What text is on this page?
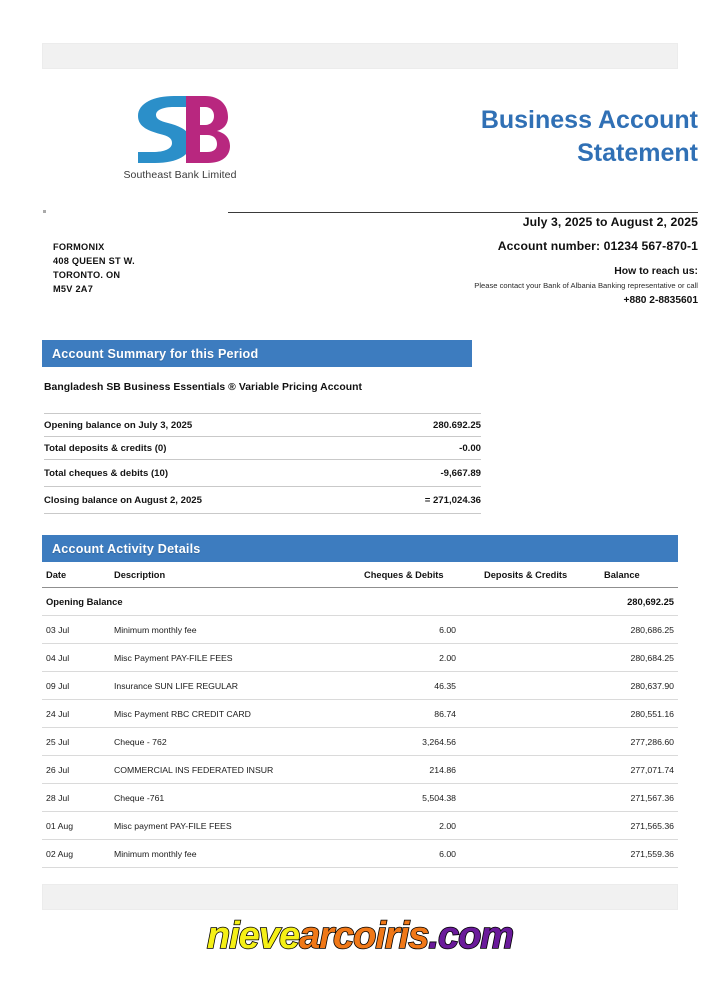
Southeast Bank Limited
Business Account
Statement
FORMONIX
408 QUEEN ST W.
TORONTO. ON
M5V 2A7
July 3, 2025 to August 2, 2025
Account number: 01234 567-870-1
How to reach us:
Please contact your Bank of Albania Banking representative or call
+880 2-8835601
Account Summary for this Period
Bangladesh SB Business Essentials ® Variable Pricing Account
Opening balance on July 3, 2025	280.692.25
Total deposits & credits (0)	-0.00
Total cheques & debits (10)	-9,667.89
Closing balance on August 2, 2025	= 271,024.36
Account Activity Details
Date	Description	Cheques & Debits	Deposits & Credits	Balance
Opening Balance				280,692.25
03 Jul	Minimum monthly fee	6.00		280,686.25
04 Jul	Misc Payment PAY-FILE FEES	2.00		280,684.25
09 Jul	Insurance SUN LIFE REGULAR	46.35		280,637.90
24 Jul	Misc Payment RBC CREDIT CARD	86.74		280,551.16
25 Jul	Cheque - 762	3,264.56		277,286.60
26 Jul	COMMERCIAL INS FEDERATED INSUR	214.86		277,071.74
28 Jul	Cheque -761	5,504.38		271,567.36
01 Aug	Misc payment PAY-FILE FEES	2.00		271,565.36
02 Aug	Minimum monthly fee	6.00		271,559.36
nievearcoiris.com
